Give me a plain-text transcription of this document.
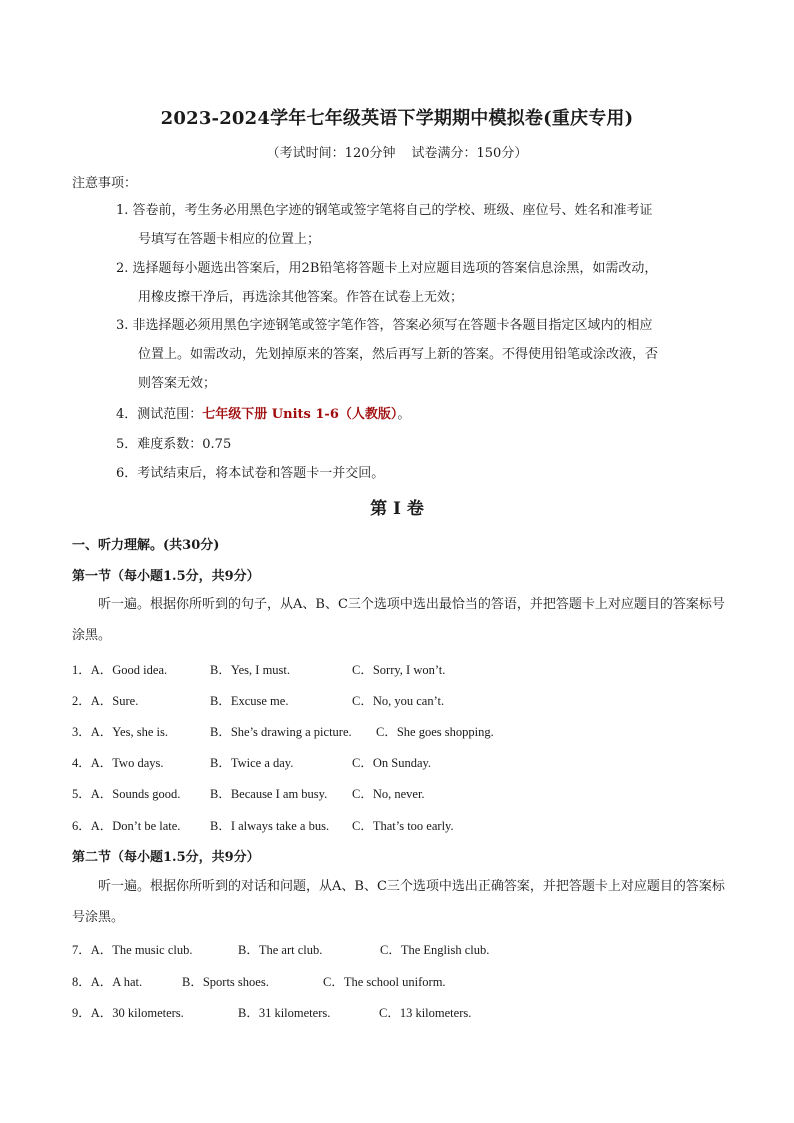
2023-2024学年七年级英语下学期期中模拟卷(重庆专用)
（考试时间：120分钟 试卷满分：150分）
注意事项：
1. 答卷前，考生务必用黑色字迹的钢笔或签字笔将自己的学校、班级、座位号、姓名和准考证
号填写在答题卡相应的位置上；
2. 选择题每小题选出答案后，用2B铅笔将答题卡上对应题目选项的答案信息涂黑，如需改动，
用橡皮擦干净后，再选涂其他答案。作答在试卷上无效；
3. 非选择题必须用黑色字迹钢笔或签字笔作答，答案必须写在答题卡各题目指定区域内的相应
位置上。如需改动，先划掉原来的答案，然后再写上新的答案。不得使用铅笔或涂改液，否
则答案无效；
4．测试范围：七年级下册 Units 1-6（人教版）。
5．难度系数：0.75
6．考试结束后，将本试卷和答题卡一并交回。
第 I 卷
一、听力理解。(共30分)
第一节（每小题1.5分，共9分）
听一遍。根据你所听到的句子，从A、B、C三个选项中选出最恰当的答语，并把答题卡上对应题目的答案标号涂黑。
1．A．Good idea.	B．Yes, I must.	C．Sorry, I won’t.
2．A．Sure.	B．Excuse me.	C．No, you can’t.
3．A．Yes, she is.	B．She’s drawing a picture. C．She goes shopping.
4．A．Two days.	B．Twice a day.	C．On Sunday.
5．A．Sounds good. B．Because I am busy. C．No, never.
6．A．Don’t be late. B．I always take a bus. C．That’s too early.
第二节（每小题1.5分，共9分）
听一遍。根据你所听到的对话和问题，从A、B、C三个选项中选出正确答案，并把答题卡上对应题目的答案标号涂黑。
7．A．The music club.	B．The art club.	C．The English club.
8．A．A hat.	B．Sports shoes.	C．The school uniform.
9．A．30 kilometers.	B．31 kilometers.	C．13 kilometers.
